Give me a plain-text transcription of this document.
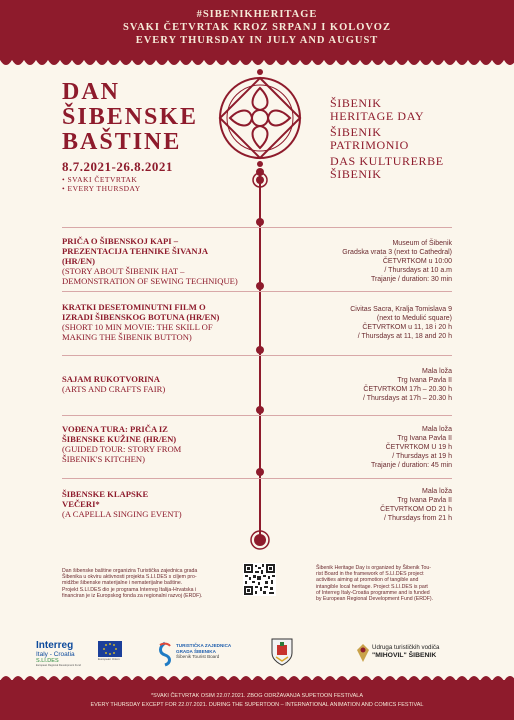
#SIBENIKHERITAGE
SVAKI ČETVRTAK KROZ SRPANJ I KOLOVOZ
EVERY THURSDAY IN JULY AND AUGUST
DAN
ŠIBENSKE
BAŠTINE
8.7.2021-26.8.2021
• SVAKI ČETVRTAK
• EVERY THURSDAY
ŠIBENIK
HERITAGE DAY
ŠIBENIK
PATRIMONIO
DAS KULTURERBE
ŠIBENIK
PRIČA O ŠIBENSKOJ KAPI –
PREZENTACIJA TEHNIKE ŠIVANJA
(HR/EN)
(STORY ABOUT ŠIBENIK HAT –
DEMONSTRATION OF SEWING TECHNIQUE)
Museum of Šibenik
Gradska vrata 3 (next to Cathedral)
ČETVRTKOM u 10:00
/ Thursdays at 10 a.m
Trajanje / duration: 30 min
KRATKI DESETOMINUTNI FILM O
IZRADI ŠIBENSKOG BOTUNA (HR/EN)
(SHORT 10 MIN MOVIE: THE SKILL OF
MAKING THE ŠIBENIK BUTTON)
Civitas Sacra, Kralja Tomislava 9
(next to Medulić square)
ČETVRTKOM u 11, 18 i 20 h
/ Thursdays at 11, 18 and 20 h
SAJAM RUKOTVORINA
(ARTS AND CRAFTS FAIR)
Mala loža
Trg Ivana Pavla II
ČETVRTKOM 17h – 20.30 h
/ Thursdays at 17h – 20.30 h
VOĐENA TURA: PRIČA IZ
ŠIBENSKE KUŽINE (HR/EN)
(GUIDED TOUR: STORY FROM
ŠIBENIK'S KITCHEN)
Mala loža
Trg Ivana Pavla II
ČETVRTKOM U 19 h
/ Thursdays at 19 h
Trajanje / duration: 45 min
ŠIBENSKE KLAPSKE
VEČERI*
(A CAPELLA SINGING EVENT)
Mala loža
Trg Ivana Pavla II
ČETVRTKOM OD 21 h
/ Thursdays from 21 h
Dan šibenske baštine organizira Turistička zajednica grada
Šibenika u okviru aktivnosti projekta S.LI.DES s ciljem pro-
midžbe šibenske materijalne i nematerijalne baštine.
Projekt S.LI.DES dio je programa Interreg Italija-Hrvatska i
financiran je iz Europskog fonda za regionalni razvoj (ERDF).
Šibenik Heritage Day is organized by Šibenik Tou-
rist Board in the framework of S.LI.DES project
activities aiming at promotion of tangible and
intangible local heritage. Project S.LI.DES is part
of Interreg Italy-Croatia programme and is funded
by European Regional Development Fund (ERDF).
Interreg
Italy - Croatia
S.LI.DES
European Regional Development Fund
European Union
TURISTIČKA ZAJEDNICA
GRADA ŠIBENIKA
Šibenik Tourist Board
Udruga turističkih vodiča
"MIHOVIL" ŠIBENIK
*SVAKI ČETVRTAK OSIM 22.07.2021. ZBOG ODRŽAVANJA SUPETOON FESTIVALA
EVERY THURSDAY EXCEPT FOR 22.07.2021. DURING THE SUPERTOON – INTERNATIONAL ANIMATION AND COMICS FESTIVAL
